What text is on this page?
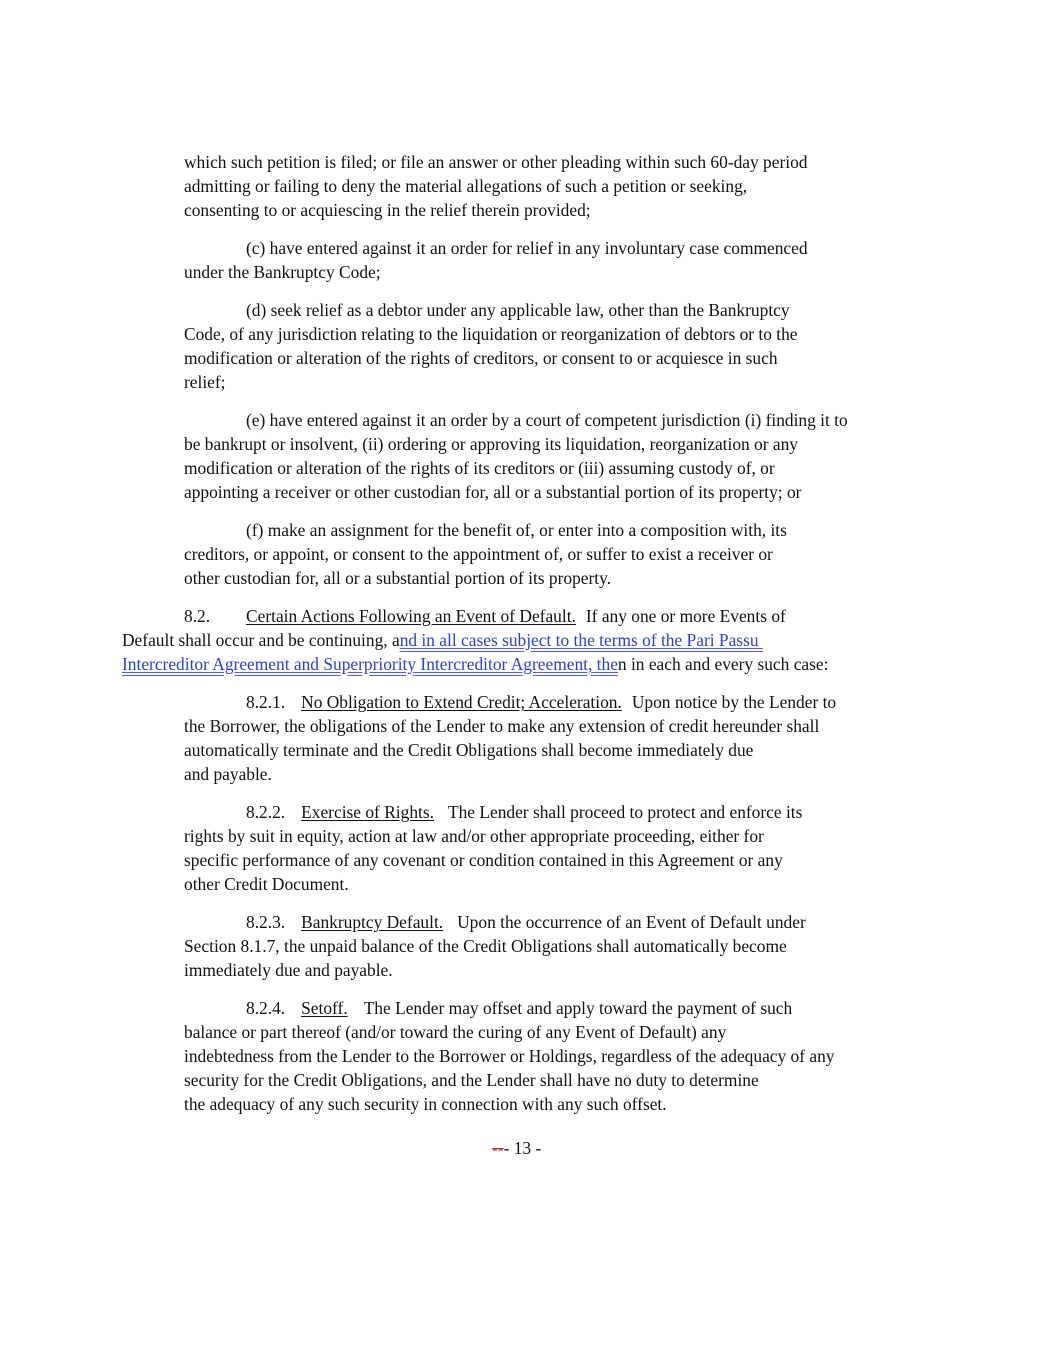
which such petition is filed; or file an answer or other pleading within such 60-day period
admitting or failing to deny the material allegations of such a petition or seeking,
consenting to or acquiescing in the relief therein provided;
(c) have entered against it an order for relief in any involuntary case commenced
under the Bankruptcy Code;
(d) seek relief as a debtor under any applicable law, other than the Bankruptcy
Code, of any jurisdiction relating to the liquidation or reorganization of debtors or to the
modification or alteration of the rights of creditors, or consent to or acquiesce in such
relief;
(e) have entered against it an order by a court of competent jurisdiction (i) finding it to
be bankrupt or insolvent, (ii) ordering or approving its liquidation, reorganization or any
modification or alteration of the rights of its creditors or (iii) assuming custody of, or
appointing a receiver or other custodian for, all or a substantial portion of its property; or
(f) make an assignment for the benefit of, or enter into a composition with, its
creditors, or appoint, or consent to the appointment of, or suffer to exist a receiver or
other custodian for, all or a substantial portion of its property.
8.2. Certain Actions Following an Event of Default. If any one or more Events of
Default shall occur and be continuing, and in all cases subject to the terms of the Pari Passu
Intercreditor Agreement and Superpriority Intercreditor Agreement, then in each and every such case:
8.2.1. No Obligation to Extend Credit; Acceleration. Upon notice by the Lender to
the Borrower, the obligations of the Lender to make any extension of credit hereunder shall
automatically terminate and the Credit Obligations shall become immediately due
and payable.
8.2.2. Exercise of Rights. The Lender shall proceed to protect and enforce its
rights by suit in equity, action at law and/or other appropriate proceeding, either for
specific performance of any covenant or condition contained in this Agreement or any
other Credit Document.
8.2.3. Bankruptcy Default. Upon the occurrence of an Event of Default under
Section 8.1.7, the unpaid balance of the Credit Obligations shall automatically become
immediately due and payable.
8.2.4. Setoff. The Lender may offset and apply toward the payment of such
balance or part thereof (and/or toward the curing of any Event of Default) any
indebtedness from the Lender to the Borrower or Holdings, regardless of the adequacy of any
security for the Credit Obligations, and the Lender shall have no duty to determine
the adequacy of any such security in connection with any such offset.
--- 13 -
